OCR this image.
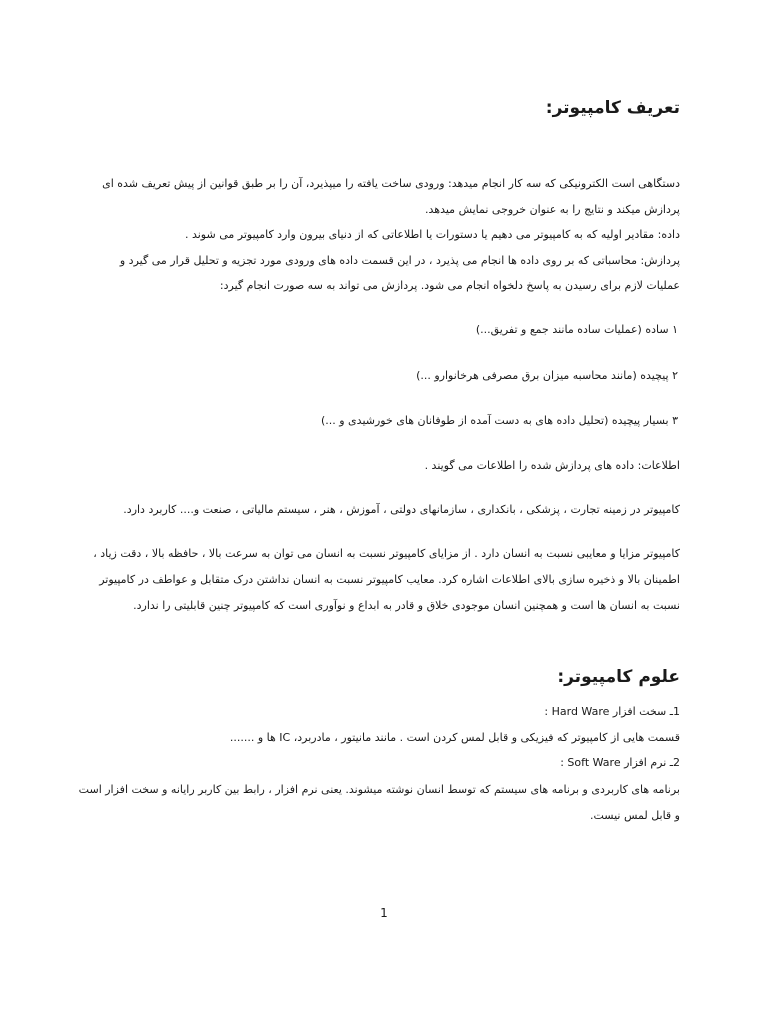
تعریف کامپیوتر:
دستگاهی است الکترونیکی که سه کار انجام میدهد: ورودی ساخت یافته را میپذیرد، آن را بر طبق قوانین از پیش تعریف شده ای
پردازش میکند و نتایج را به عنوان خروجی نمایش میدهد.
داده: مقادیر اولیه که به کامپیوتر می دهیم یا دستورات یا اطلاعاتی که از دنیای بیرون وارد کامپیوتر می شوند .
پردازش: محاسباتی که بر روی داده ها انجام می پذیرد ، در این قسمت داده های ورودی مورد تجزیه و تحلیل قرار می گیرد و
عملیات لازم برای رسیدن به پاسخ دلخواه انجام می شود. پردازش می تواند به سه صورت انجام گیرد:
۱ ساده (عملیات ساده مانند جمع و تفریق...)
۲ پیچیده (مانند محاسبه میزان برق مصرفی هرخانوارو ...)
۳ بسیار پیچیده (تحلیل داده های به دست آمده از طوفانان های خورشیدی و ...)
اطلاعات: داده های پردازش شده را اطلاعات می گویند .
کامپیوتر در زمینه تجارت ، پزشکی ، بانکداری ، سازمانهای دولتی ، آموزش ، هنر ، سیستم مالیاتی ، صنعت و.... کاربرد دارد.
کامپیوتر مزایا و معایبی نسبت به انسان دارد . از مزایای کامپیوتر نسبت به انسان می توان به سرعت بالا ، حافظه بالا ، دقت زیاد ،
اطمینان بالا و ذخیره سازی بالای اطلاعات اشاره کرد. معایب کامپیوتر نسبت به انسان نداشتن درک متقابل و عواطف در کامپیوتر
نسبت به انسان ها است و همچنین انسان موجودی خلاق و قادر به ابداع و نوآوری است که کامپیوتر چنین قابلیتی را ندارد.
علوم کامپیوتر:
1ـ سخت افزار Hard Ware :
قسمت هایی از کامپیوتر که فیزیکی و قابل لمس کردن است . مانند مانیتور ، مادربرد، IC ها و .......
2ـ نرم افزار Soft Ware :
برنامه های کاربردی و برنامه های سیستم که توسط انسان نوشته میشوند. یعنی نرم افزار ، رابط بین کاربر رایانه و سخت افزار است
و قابل لمس نیست.
1
